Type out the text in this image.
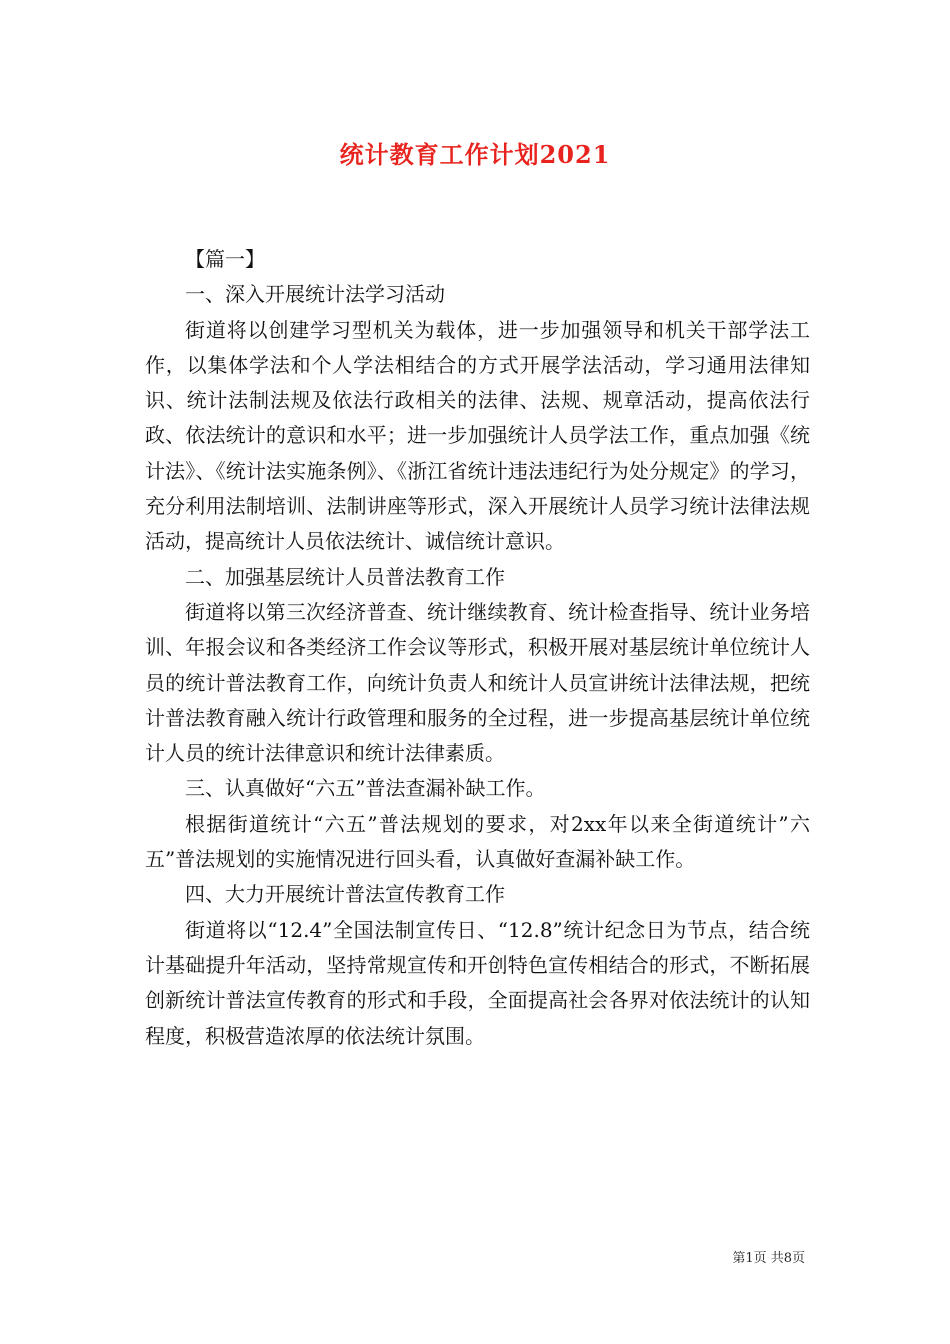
统计教育工作计划2021

【篇一】

一、深入开展统计法学习活动

街道将以创建学习型机关为载体，进一步加强领导和机关干部学法工作，以集体学法和个人学法相结合的方式开展学法活动，学习通用法律知识、统计法制法规及依法行政相关的法律、法规、规章活动，提高依法行政、依法统计的意识和水平；进一步加强统计人员学法工作，重点加强《统计法》、《统计法实施条例》、《浙江省统计违法违纪行为处分规定》的学习，充分利用法制培训、法制讲座等形式，深入开展统计人员学习统计法律法规活动，提高统计人员依法统计、诚信统计意识。

二、加强基层统计人员普法教育工作

街道将以第三次经济普查、统计继续教育、统计检查指导、统计业务培训、年报会议和各类经济工作会议等形式，积极开展对基层统计单位统计人员的统计普法教育工作，向统计负责人和统计人员宣讲统计法律法规，把统计普法教育融入统计行政管理和服务的全过程，进一步提高基层统计单位统计人员的统计法律意识和统计法律素质。

三、认真做好“六五”普法查漏补缺工作。

根据街道统计“六五”普法规划的要求，对2xx年以来全街道统计”六五”普法规划的实施情况进行回头看，认真做好查漏补缺工作。

四、大力开展统计普法宣传教育工作

街道将以“12.4”全国法制宣传日、“12.8”统计纪念日为节点，结合统计基础提升年活动，坚持常规宣传和开创特色宣传相结合的形式，不断拓展创新统计普法宣传教育的形式和手段，全面提高社会各界对依法统计的认知程度，积极营造浓厚的依法统计氛围。

第1页 共8页
